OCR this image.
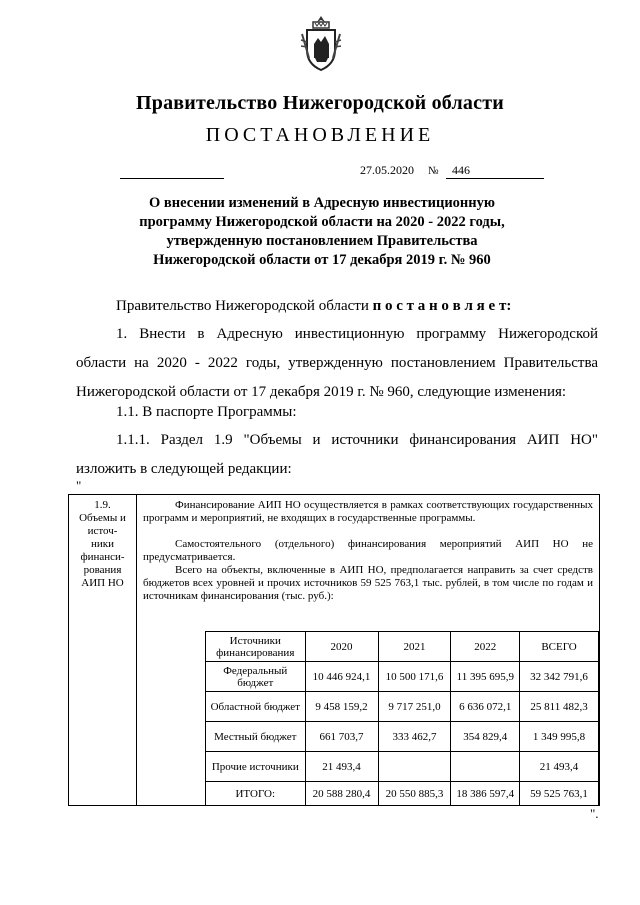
Правительство Нижегородской области
ПОСТАНОВЛЕНИЕ
27.05.2020 № 446
О внесении изменений в Адресную инвестиционную программу Нижегородской области на 2020 - 2022 годы, утвержденную постановлением Правительства Нижегородской области от 17 декабря 2019 г. № 960
Правительство Нижегородской области п о с т а н о в л я е т:
1. Внести в Адресную инвестиционную программу Нижегородской области на 2020 - 2022 годы, утвержденную постановлением Правительства Нижегородской области от 17 декабря 2019 г. № 960, следующие изменения:
1.1. В паспорте Программы:
1.1.1. Раздел 1.9 "Объемы и источники финансирования АИП НО" изложить в следующей редакции:
"
1.9.
Объемы и
источ-
ники
финанси-
рования
АИП НО
Финансирование АИП НО осуществляется в рамках соответствующих государственных программ и мероприятий, не входящих в государственные программы.
Самостоятельного (отдельного) финансирования мероприятий АИП НО не предусматривается.
Всего на объекты, включенные в АИП НО, предполагается направить за счет средств бюджетов всех уровней и прочих источников 59 525 763,1 тыс. рублей, в том числе по годам и источникам финансирования (тыс. руб.):
Источники финансирования	2020	2021	2022	ВСЕГО
Федеральный бюджет	10 446 924,1	10 500 171,6	11 395 695,9	32 342 791,6
Областной бюджет	9 458 159,2	9 717 251,0	6 636 072,1	25 811 482,3
Местный бюджет	661 703,7	333 462,7	354 829,4	1 349 995,8
Прочие источники	21 493,4			21 493,4
ИТОГО:	20 588 280,4	20 550 885,3	18 386 597,4	59 525 763,1
".
